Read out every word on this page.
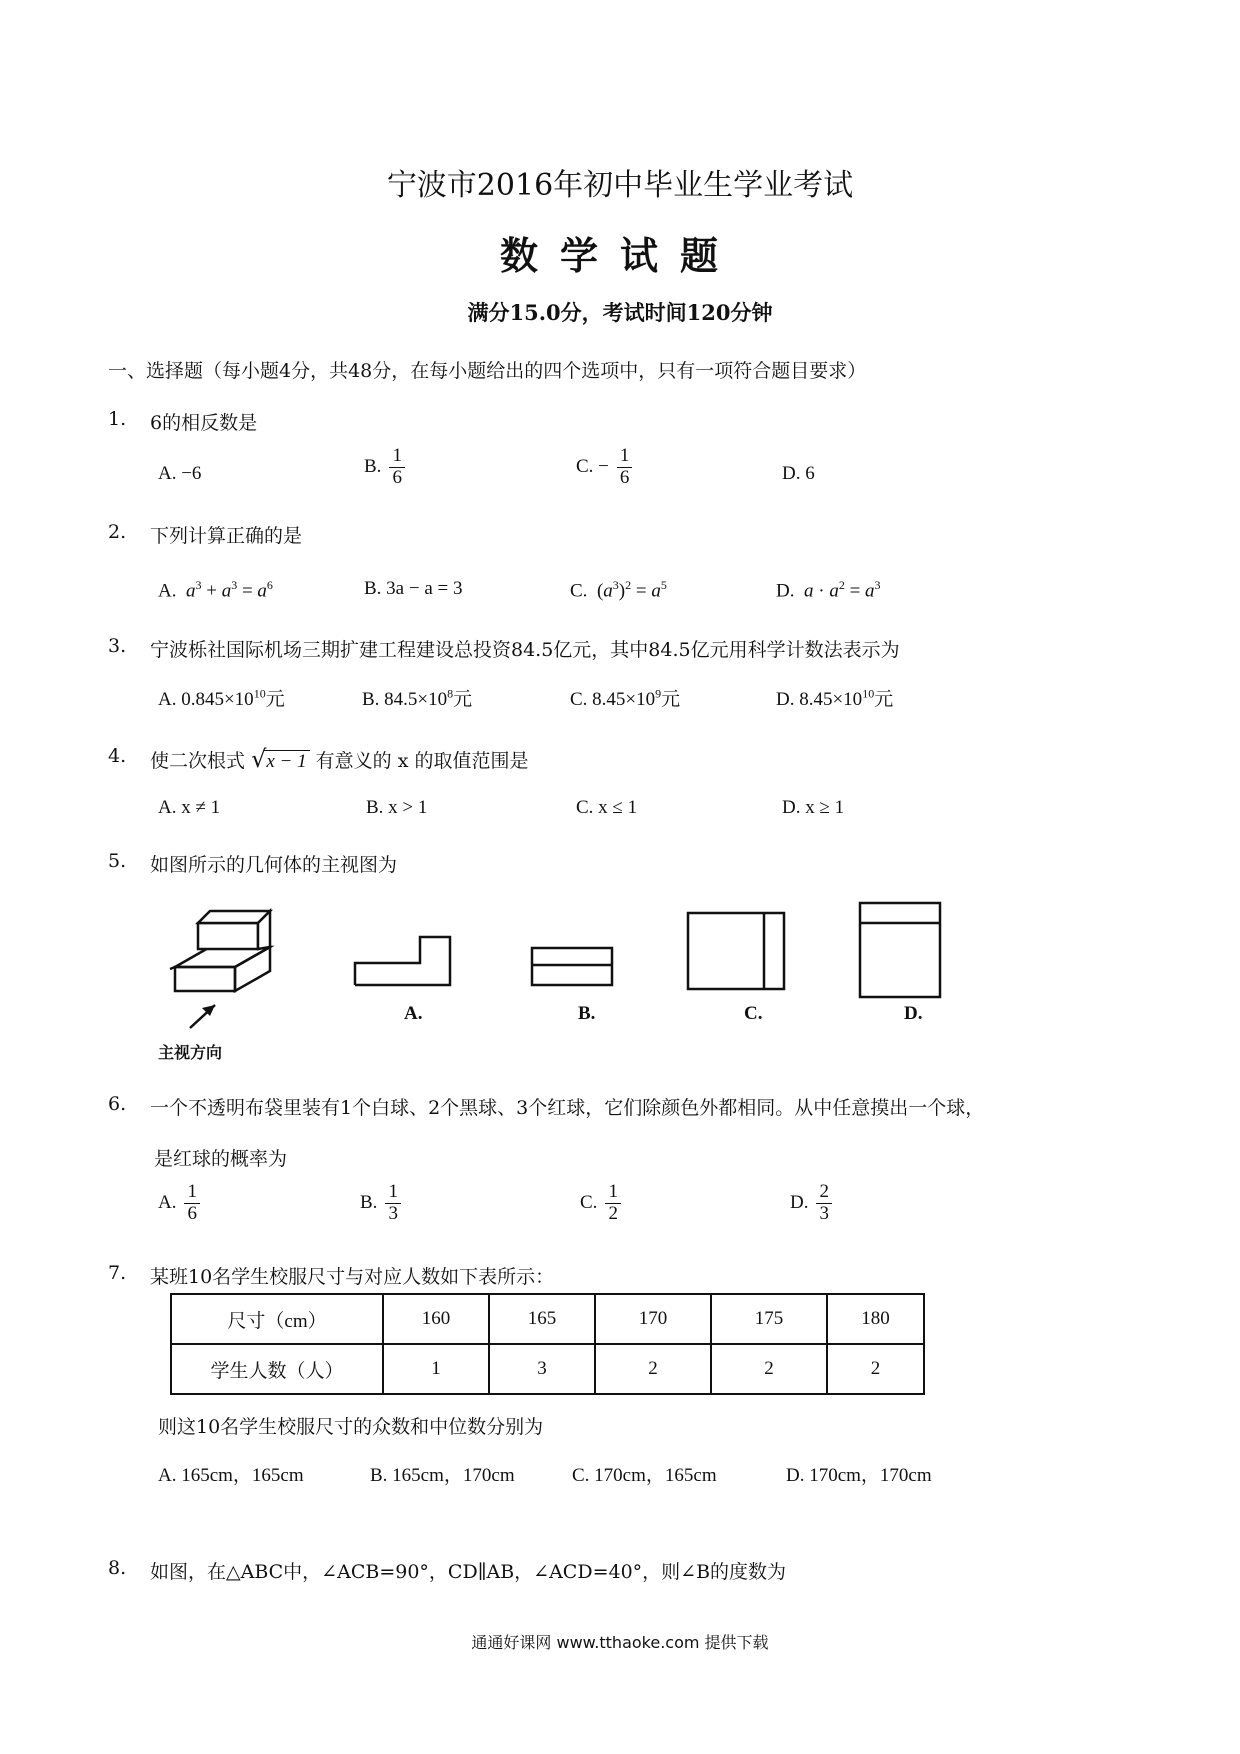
宁波市2016年初中毕业生学业考试
数学试题
满分15.0分，考试时间120分钟
一、选择题（每小题4分，共48分，在每小题给出的四个选项中，只有一项符合题目要求）
1. 6的相反数是
A. −6	B. $\frac{1}{6}$	C. − $\frac{1}{6}$	D. 6
2. 下列计算正确的是
A.  $a^3 + a^3 = a^6$	B. 3a − a = 3	C.  $(a^3)^2 = a^5$	D. $a \cdot a^2 = a^3$
3. 宁波栎社国际机场三期扩建工程建设总投资84.5亿元，其中84.5亿元用科学计数法表示为
A. $0.845\times 10^{10}$元	B. $84.5\times 10^8$元	C. $8.45\times 10^9$元	D. $8.45\times 10^{10}$元
4. 使二次根式 √x − 1 有意义的 x 的取值范围是
A. x ≠ 1	B. x > 1	C. x ≤ 1	D. x ≥ 1
5. 如图所示的几何体的主视图为
A.	B.	C.	D.
主视方向
6. 一个不透明布袋里装有1个白球、2个黑球、3个红球，它们除颜色外都相同。从中任意摸出一个球，
是红球的概率为
A. $\frac{1}{6}$	B. $\frac{1}{3}$	C. $\frac{1}{2}$	D. $\frac{2}{3}$
7. 某班10名学生校服尺寸与对应人数如下表所示：
尺寸（cm）	160	165	170	175	180
学生人数（人）	1	3	2	2	2
则这10名学生校服尺寸的众数和中位数分别为
A. 165cm，165cm	B. 165cm，170cm	C. 170cm，165cm	D. 170cm，170cm
8. 如图，在△ABC中，∠ACB=90°，CD∥AB，∠ACD=40°，则∠B的度数为
通通好课网 www.tthaoke.com 提供下载
